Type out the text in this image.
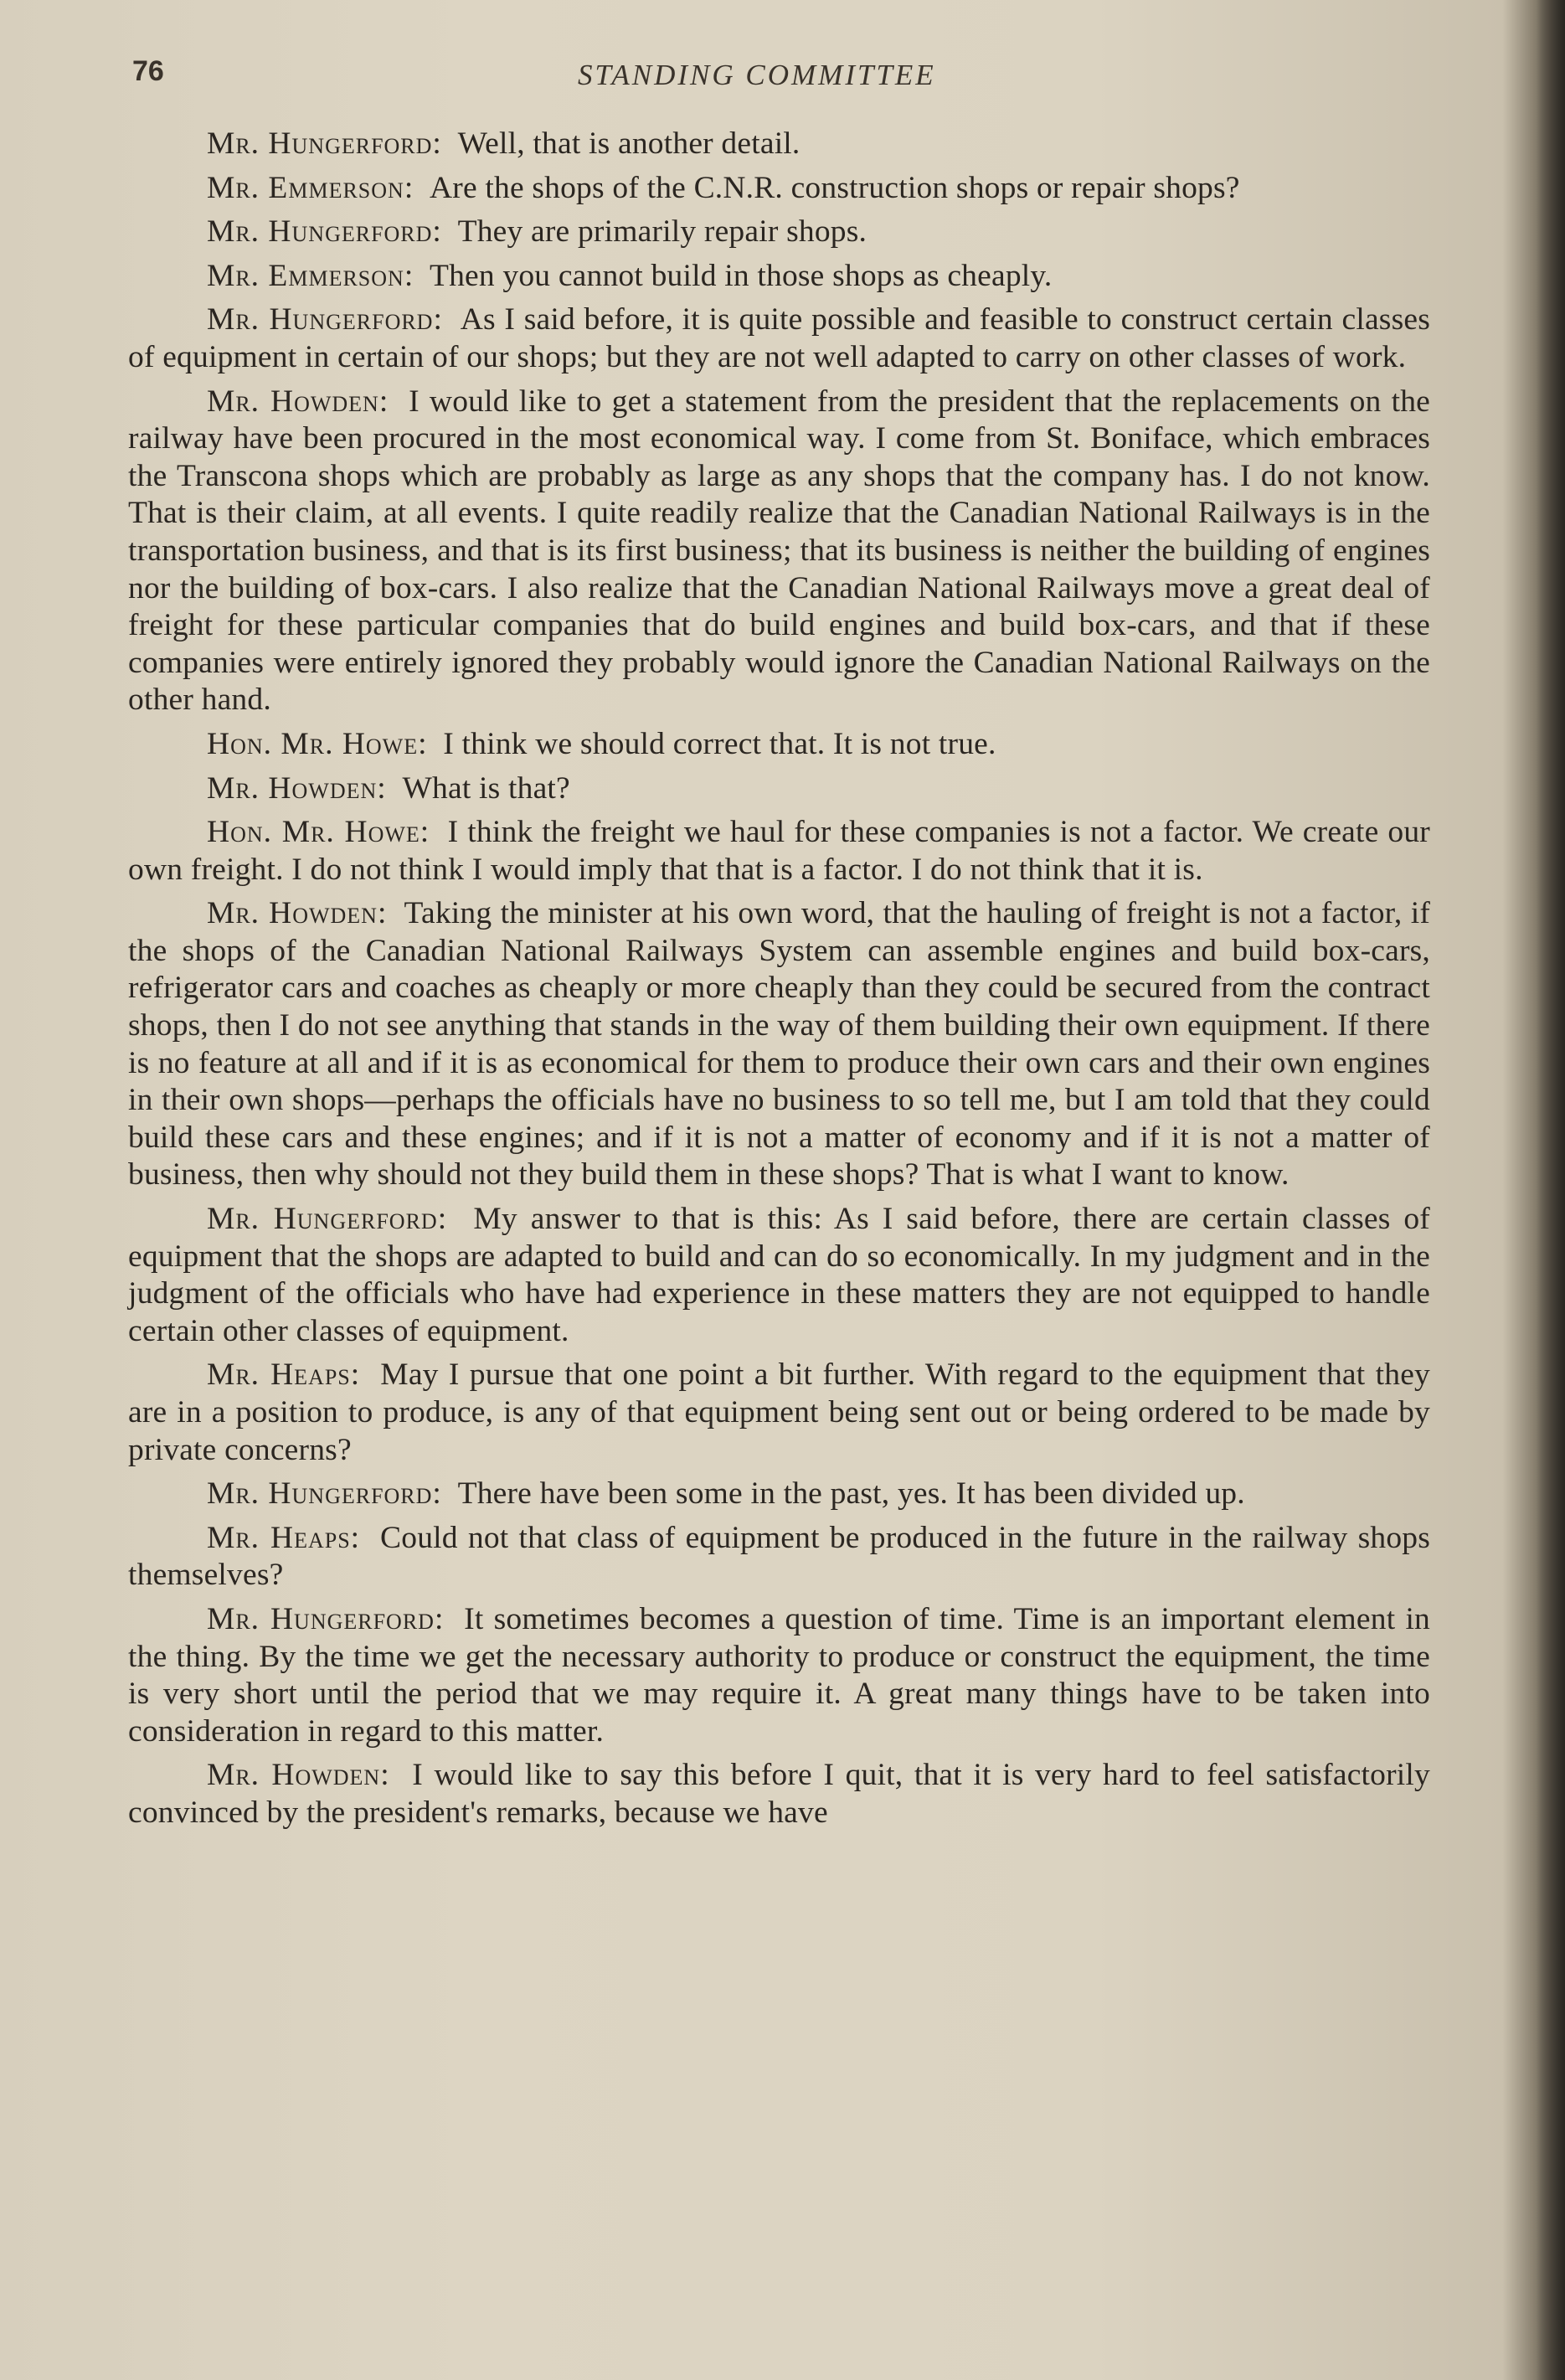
76	STANDING COMMITTEE

Mr. Hungerford: Well, that is another detail.

Mr. Emmerson: Are the shops of the C.N.R. construction shops or repair shops?

Mr. Hungerford: They are primarily repair shops.

Mr. Emmerson: Then you cannot build in those shops as cheaply.

Mr. Hungerford: As I said before, it is quite possible and feasible to construct certain classes of equipment in certain of our shops; but they are not well adapted to carry on other classes of work.

Mr. Howden: I would like to get a statement from the president that the replacements on the railway have been procured in the most economical way. I come from St. Boniface, which embraces the Transcona shops which are probably as large as any shops that the company has. I do not know. That is their claim, at all events. I quite readily realize that the Canadian National Railways is in the transportation business, and that is its first business; that its business is neither the building of engines nor the building of box-cars. I also realize that the Canadian National Railways move a great deal of freight for these particular companies that do build engines and build box-cars, and that if these companies were entirely ignored they probably would ignore the Canadian National Railways on the other hand.

Hon. Mr. Howe: I think we should correct that. It is not true.

Mr. Howden: What is that?

Hon. Mr. Howe: I think the freight we haul for these companies is not a factor. We create our own freight. I do not think I would imply that that is a factor. I do not think that it is.

Mr. Howden: Taking the minister at his own word, that the hauling of freight is not a factor, if the shops of the Canadian National Railways System can assemble engines and build box-cars, refrigerator cars and coaches as cheaply or more cheaply than they could be secured from the contract shops, then I do not see anything that stands in the way of them building their own equipment. If there is no feature at all and if it is as economical for them to produce their own cars and their own engines in their own shops—perhaps the officials have no business to so tell me, but I am told that they could build these cars and these engines; and if it is not a matter of economy and if it is not a matter of business, then why should not they build them in these shops? That is what I want to know.

Mr. Hungerford: My answer to that is this: As I said before, there are certain classes of equipment that the shops are adapted to build and can do so economically. In my judgment and in the judgment of the officials who have had experience in these matters they are not equipped to handle certain other classes of equipment.

Mr. Heaps: May I pursue that one point a bit further. With regard to the equipment that they are in a position to produce, is any of that equipment being sent out or being ordered to be made by private concerns?

Mr. Hungerford: There have been some in the past, yes. It has been divided up.

Mr. Heaps: Could not that class of equipment be produced in the future in the railway shops themselves?

Mr. Hungerford: It sometimes becomes a question of time. Time is an important element in the thing. By the time we get the necessary authority to produce or construct the equipment, the time is very short until the period that we may require it. A great many things have to be taken into consideration in regard to this matter.

Mr. Howden: I would like to say this before I quit, that it is very hard to feel satisfactorily convinced by the president's remarks, because we have
